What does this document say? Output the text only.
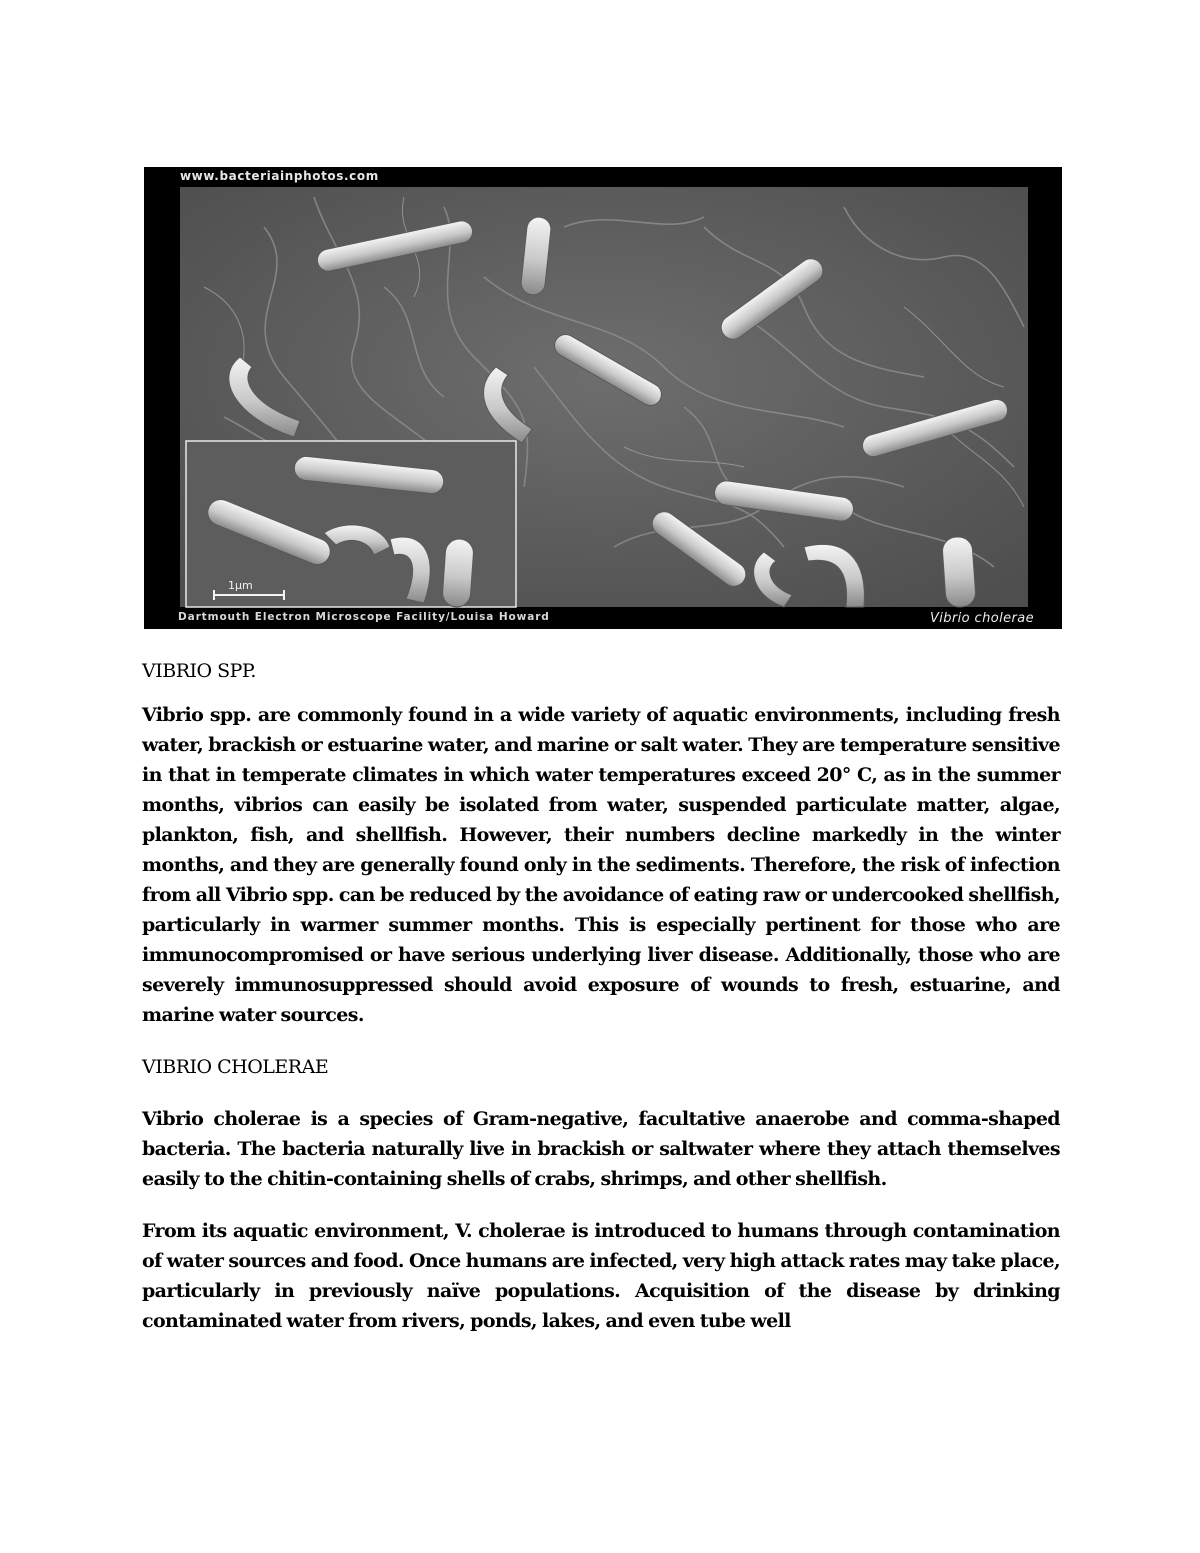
www.bacteriainphotos.com
1µm
Dartmouth Electron Microscope Facility/Louisa Howard	Vibrio cholerae

VIBRIO SPP.

Vibrio spp. are commonly found in a wide variety of aquatic environments, including fresh water, brackish or estuarine water, and marine or salt water. They are temperature sensitive in that in temperate climates in which water temperatures exceed 20° C, as in the summer months, vibrios can easily be isolated from water, suspended particulate matter, algae, plankton, fish, and shellfish. However, their numbers decline markedly in the winter months, and they are generally found only in the sediments. Therefore, the risk of infection from all Vibrio spp. can be reduced by the avoidance of eating raw or undercooked shellfish, particularly in warmer summer months. This is especially pertinent for those who are immunocompromised or have serious underlying liver disease. Additionally, those who are severely immunosuppressed should avoid exposure of wounds to fresh, estuarine, and marine water sources.

VIBRIO CHOLERAE

Vibrio cholerae is a species of Gram-negative, facultative anaerobe and comma-shaped bacteria. The bacteria naturally live in brackish or saltwater where they attach themselves easily to the chitin-containing shells of crabs, shrimps, and other shellfish.

From its aquatic environment, V. cholerae is introduced to humans through contamination of water sources and food. Once humans are infected, very high attack rates may take place, particularly in previously naïve populations. Acquisition of the disease by drinking contaminated water from rivers, ponds, lakes, and even tube well
